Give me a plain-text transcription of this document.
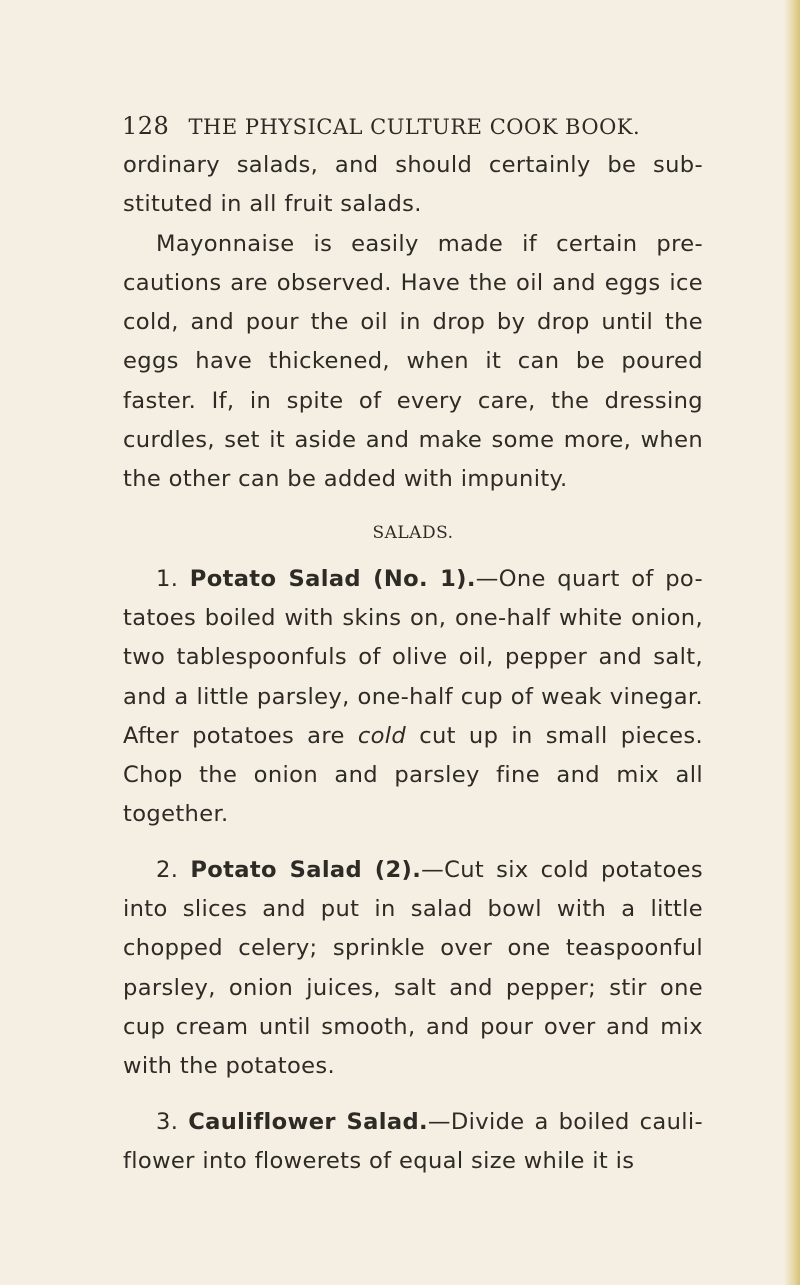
128 THE PHYSICAL CULTURE COOK BOOK.

ordinary salads, and should certainly be sub-stituted in all fruit salads.

Mayonnaise is easily made if certain pre-cautions are observed. Have the oil and eggs ice cold, and pour the oil in drop by drop until the eggs have thickened, when it can be poured faster. If, in spite of every care, the dressing curdles, set it aside and make some more, when the other can be added with impunity.

SALADS.

1. Potato Salad (No. 1).—One quart of po-tatoes boiled with skins on, one-half white onion, two tablespoonfuls of olive oil, pepper and salt, and a little parsley, one-half cup of weak vinegar. After potatoes are cold cut up in small pieces. Chop the onion and parsley fine and mix all together.

2. Potato Salad (2).—Cut six cold potatoes into slices and put in salad bowl with a little chopped celery; sprinkle over one teaspoonful parsley, onion juices, salt and pepper; stir one cup cream until smooth, and pour over and mix with the potatoes.

3. Cauliflower Salad.—Divide a boiled cauli-flower into flowerets of equal size while it is
